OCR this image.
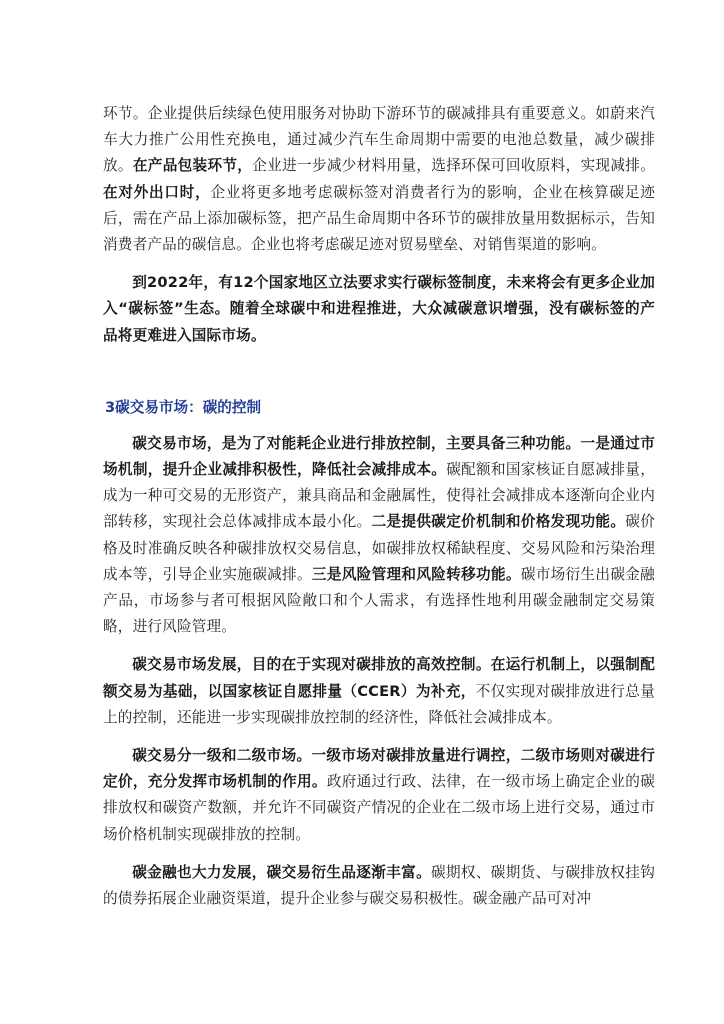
环节。企业提供后续绿色使用服务对协助下游环节的碳减排具有重要意义。如蔚来汽车大力推广公用性充换电，通过减少汽车生命周期中需要的电池总数量，减少碳排放。在产品包装环节，企业进一步减少材料用量，选择环保可回收原料，实现减排。在对外出口时，企业将更多地考虑碳标签对消费者行为的影响，企业在核算碳足迹后，需在产品上添加碳标签，把产品生命周期中各环节的碳排放量用数据标示，告知消费者产品的碳信息。企业也将考虑碳足迹对贸易壁垒、对销售渠道的影响。

到2022年，有12个国家地区立法要求实行碳标签制度，未来将会有更多企业加入“碳标签”生态。随着全球碳中和进程推进，大众减碳意识增强，没有碳标签的产品将更难进入国际市场。

3碳交易市场：碳的控制

碳交易市场，是为了对能耗企业进行排放控制，主要具备三种功能。一是通过市场机制，提升企业减排积极性，降低社会减排成本。碳配额和国家核证自愿减排量，成为一种可交易的无形资产，兼具商品和金融属性，使得社会减排成本逐渐向企业内部转移，实现社会总体减排成本最小化。二是提供碳定价机制和价格发现功能。碳价格及时准确反映各种碳排放权交易信息，如碳排放权稀缺程度、交易风险和污染治理成本等，引导企业实施碳减排。三是风险管理和风险转移功能。碳市场衍生出碳金融产品，市场参与者可根据风险敞口和个人需求，有选择性地利用碳金融制定交易策略，进行风险管理。

碳交易市场发展，目的在于实现对碳排放的高效控制。在运行机制上，以强制配额交易为基础，以国家核证自愿排量（CCER）为补充，不仅实现对碳排放进行总量上的控制，还能进一步实现碳排放控制的经济性，降低社会减排成本。

碳交易分一级和二级市场。一级市场对碳排放量进行调控，二级市场则对碳进行定价，充分发挥市场机制的作用。政府通过行政、法律，在一级市场上确定企业的碳排放权和碳资产数额，并允许不同碳资产情况的企业在二级市场上进行交易，通过市场价格机制实现碳排放的控制。

碳金融也大力发展，碳交易衍生品逐渐丰富。碳期权、碳期货、与碳排放权挂钩的债券拓展企业融资渠道，提升企业参与碳交易积极性。碳金融产品可对冲
